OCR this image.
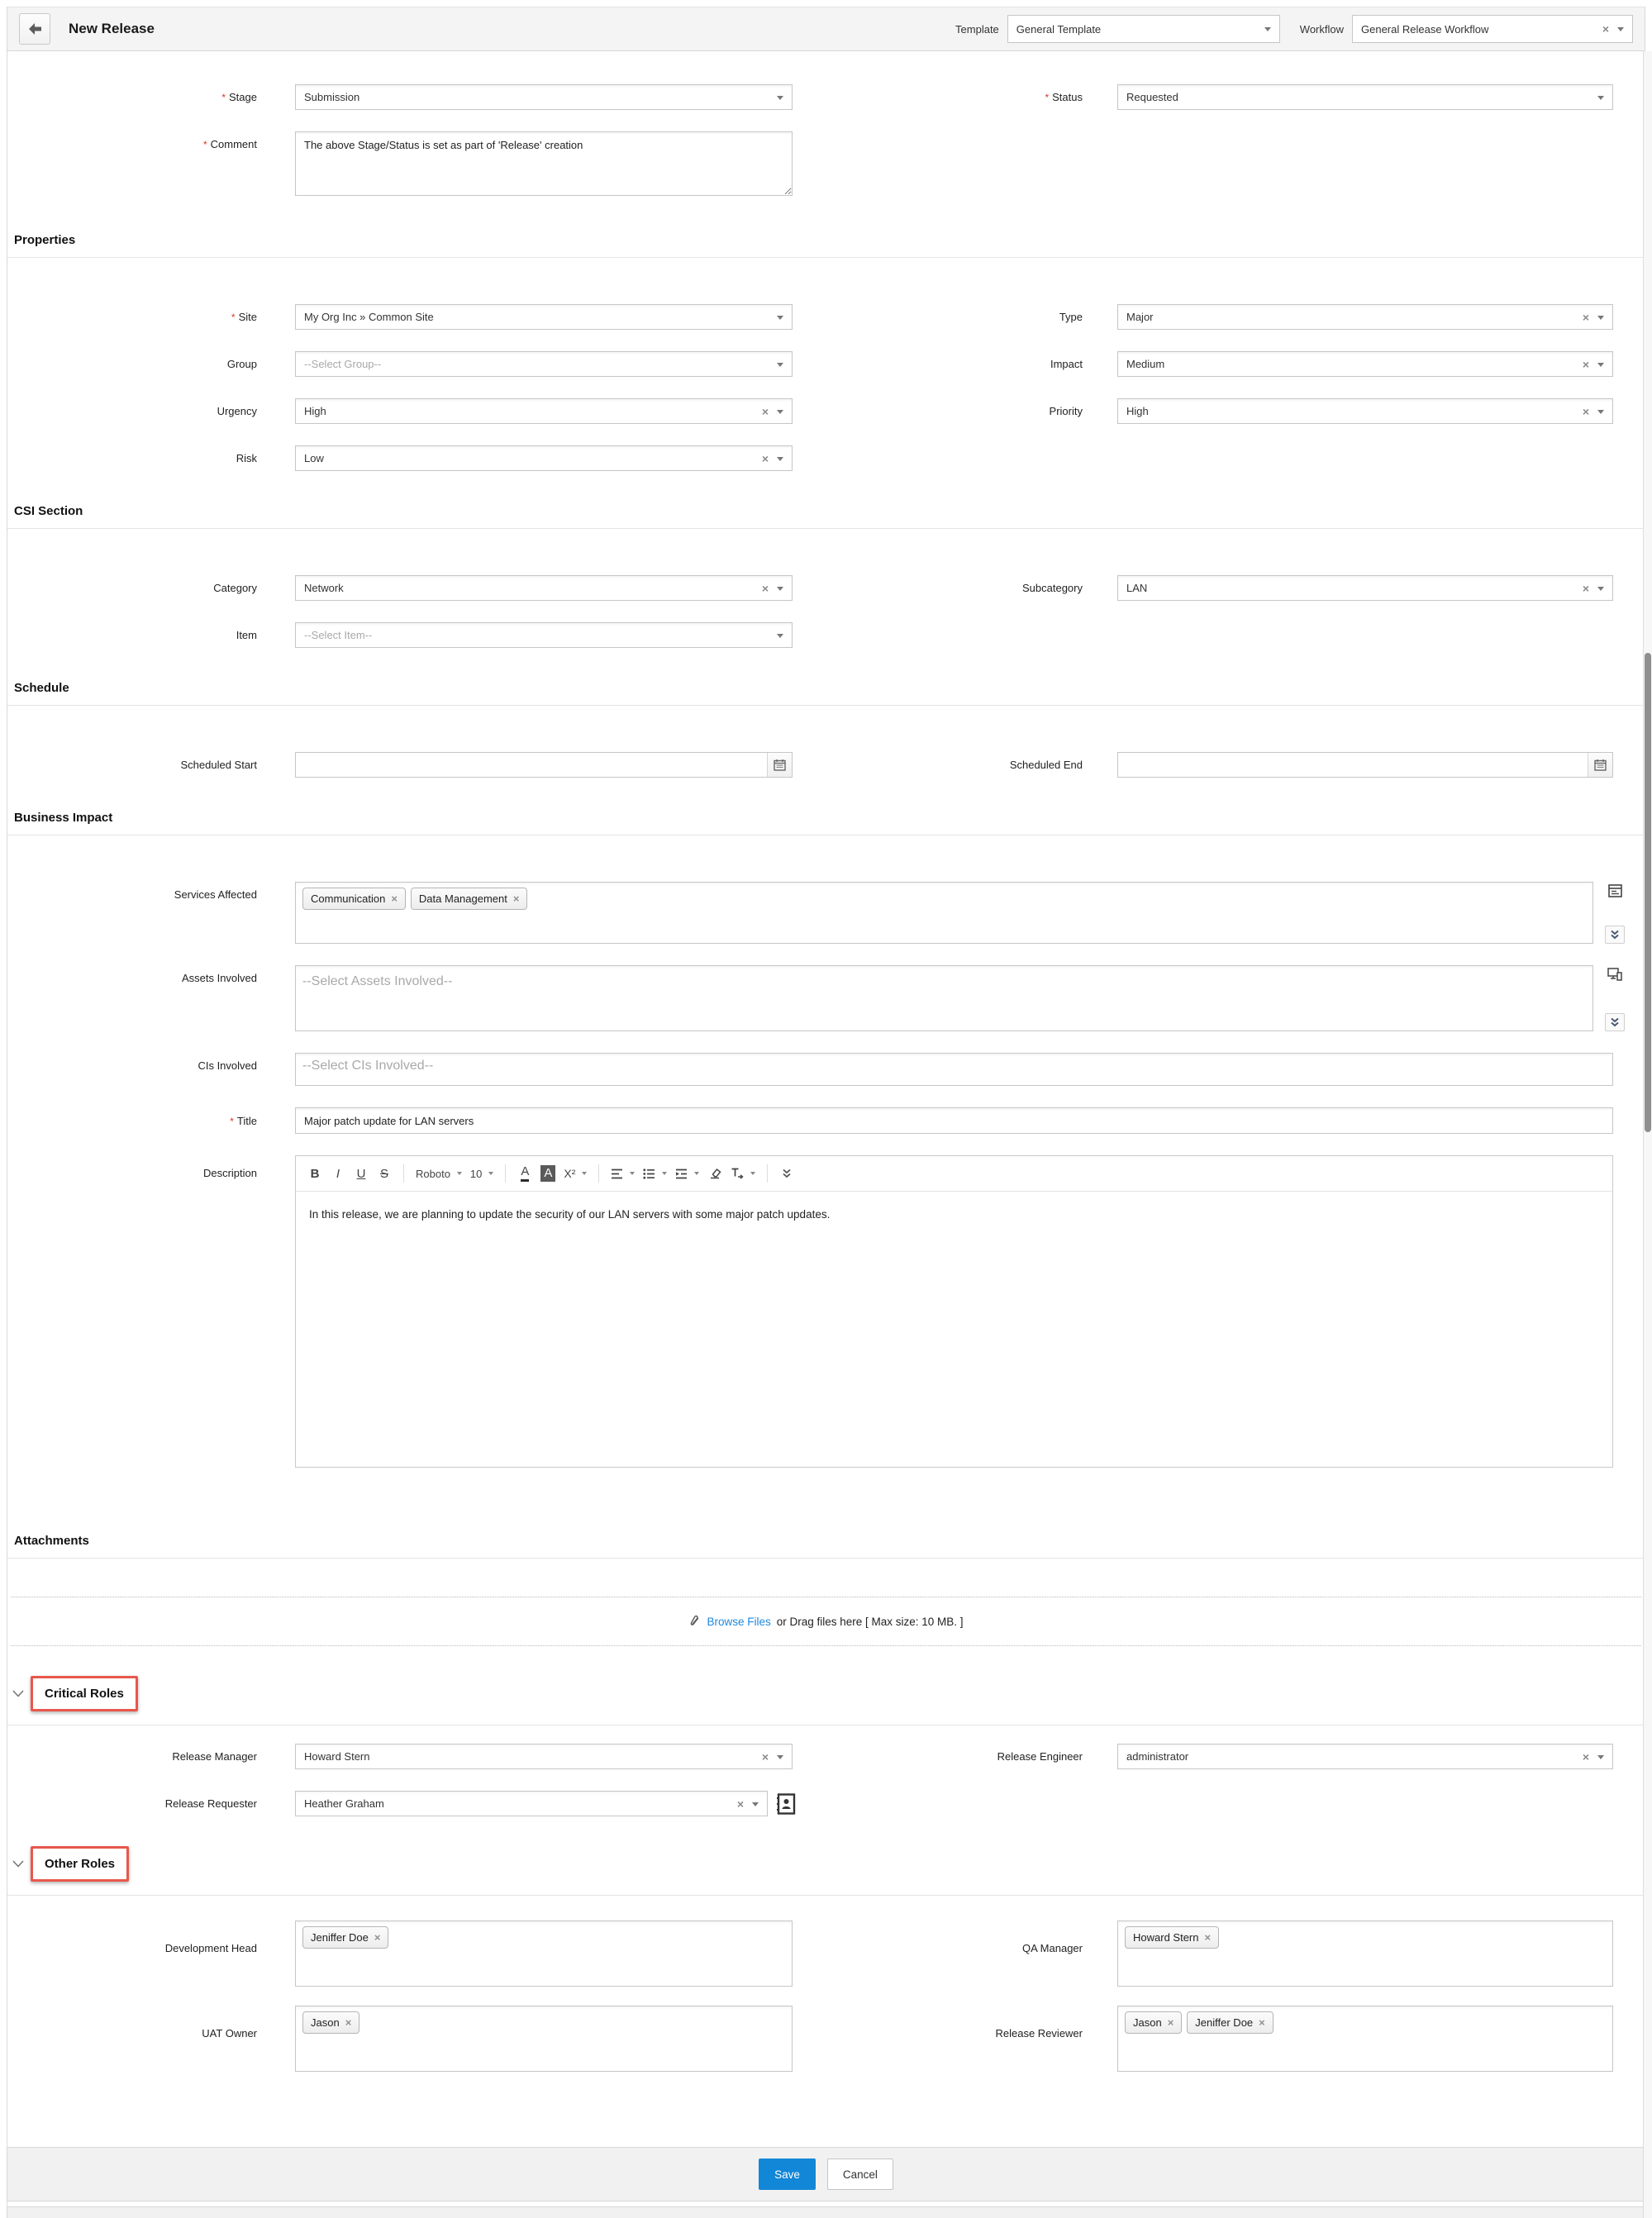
New Release	Template General Template	Workflow General Release Workflow	×
* Stage	Submission	* Status	Requested
* Comment
The above Stage/Status is set as part of 'Release' creation
Properties
* Site	My Org Inc » Common Site	Type	Major	×
Group	--Select Group--	Impact	Medium	×
Urgency	High	×	Priority	High	×
Risk	Low	×
CSI Section
Category	Network	×	Subcategory	LAN	×
Item	--Select Item--
Schedule
Scheduled Start	Scheduled End
Business Impact
Services Affected	Communication × Data Management ×
Assets Involved	--Select Assets Involved--
CIs Involved	--Select CIs Involved--
* Title
Major patch update for LAN servers
Description	B I U S	Roboto 10	A A X²
In this release, we are planning to update the security of our LAN servers with some major patch updates.
Attachments
Browse Files or Drag files here [ Max size: 10 MB. ]
Critical Roles
Release Manager	Howard Stern	×	Release Engineer	administrator	×
Release Requester	Heather Graham	×
Other Roles
Development Head
Jeniffer Doe ×
QA Manager
Howard Stern ×
UAT Owner
Jason ×
Release Reviewer
Jason × Jeniffer Doe ×
Save	Cancel
